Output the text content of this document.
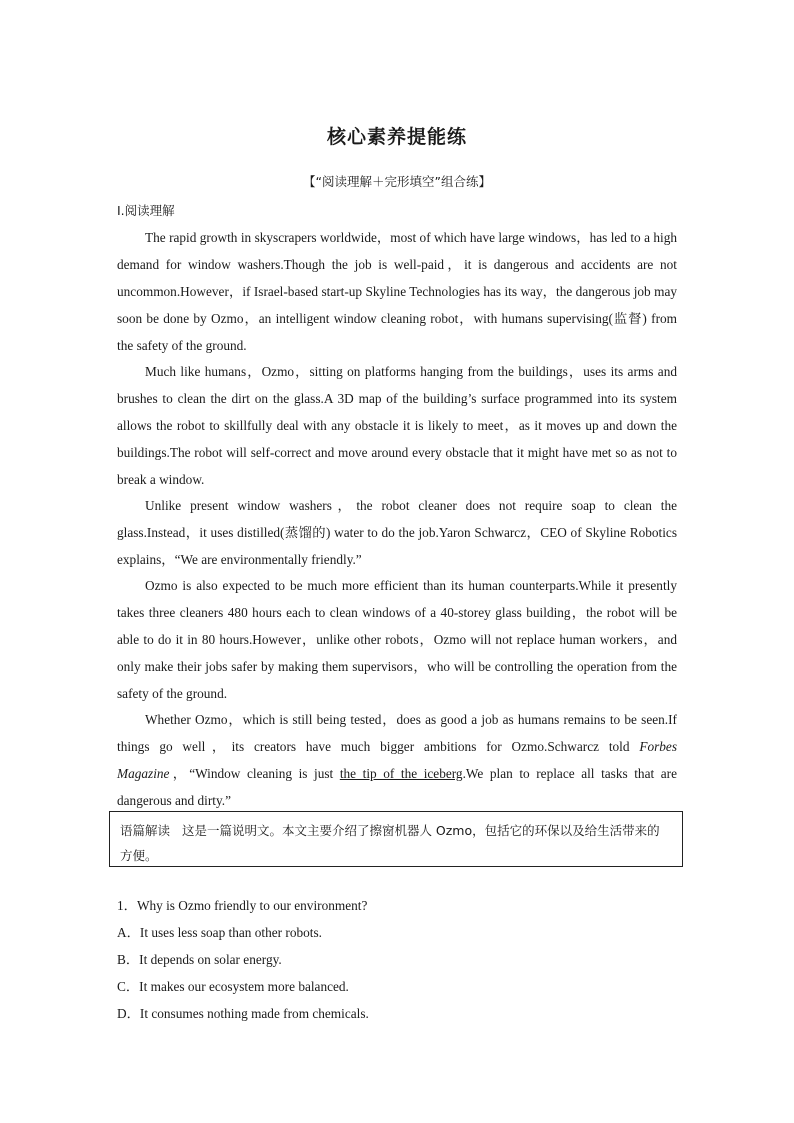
核心素养提能练
【“阅读理解＋完形填空”组合练】
Ⅰ.阅读理解

The rapid growth in skyscrapers worldwide，most of which have large windows，has led to a high demand for window washers.Though the job is well-paid，it is dangerous and accidents are not uncommon.However，if Israel-based start-up Skyline Technologies has its way，the dangerous job may soon be done by Ozmo，an intelligent window cleaning robot，with humans supervising(监督) from the safety of the ground.

Much like humans，Ozmo，sitting on platforms hanging from the buildings，uses its arms and brushes to clean the dirt on the glass.A 3D map of the building’s surface programmed into its system allows the robot to skillfully deal with any obstacle it is likely to meet，as it moves up and down the buildings.The robot will self-correct and move around every obstacle that it might have met so as not to break a window.

Unlike present window washers，the robot cleaner does not require soap to clean the glass.Instead，it uses distilled(蒸馏的) water to do the job.Yaron Schwarcz，CEO of Skyline Robotics explains，“We are environmentally friendly.”

Ozmo is also expected to be much more efficient than its human counterparts.While it presently takes three cleaners 480 hours each to clean windows of a 40-storey glass building，the robot will be able to do it in 80 hours.However，unlike other robots，Ozmo will not replace human workers，and only make their jobs safer by making them supervisors，who will be controlling the operation from the safety of the ground.

Whether Ozmo，which is still being tested，does as good a job as humans remains to be seen.If things go well，its creators have much bigger ambitions for Ozmo.Schwarcz told Forbes Magazine，“Window cleaning is just the tip of the iceberg.We plan to replace all tasks that are dangerous and dirty.”

语篇解读 这是一篇说明文。本文主要介绍了擦窗机器人 Ozmo，包括它的环保以及给生活带来的方便。

1．Why is Ozmo friendly to our environment?

A．It uses less soap than other robots.

B．It depends on solar energy.

C．It makes our ecosystem more balanced.

D．It consumes nothing made from chemicals.
